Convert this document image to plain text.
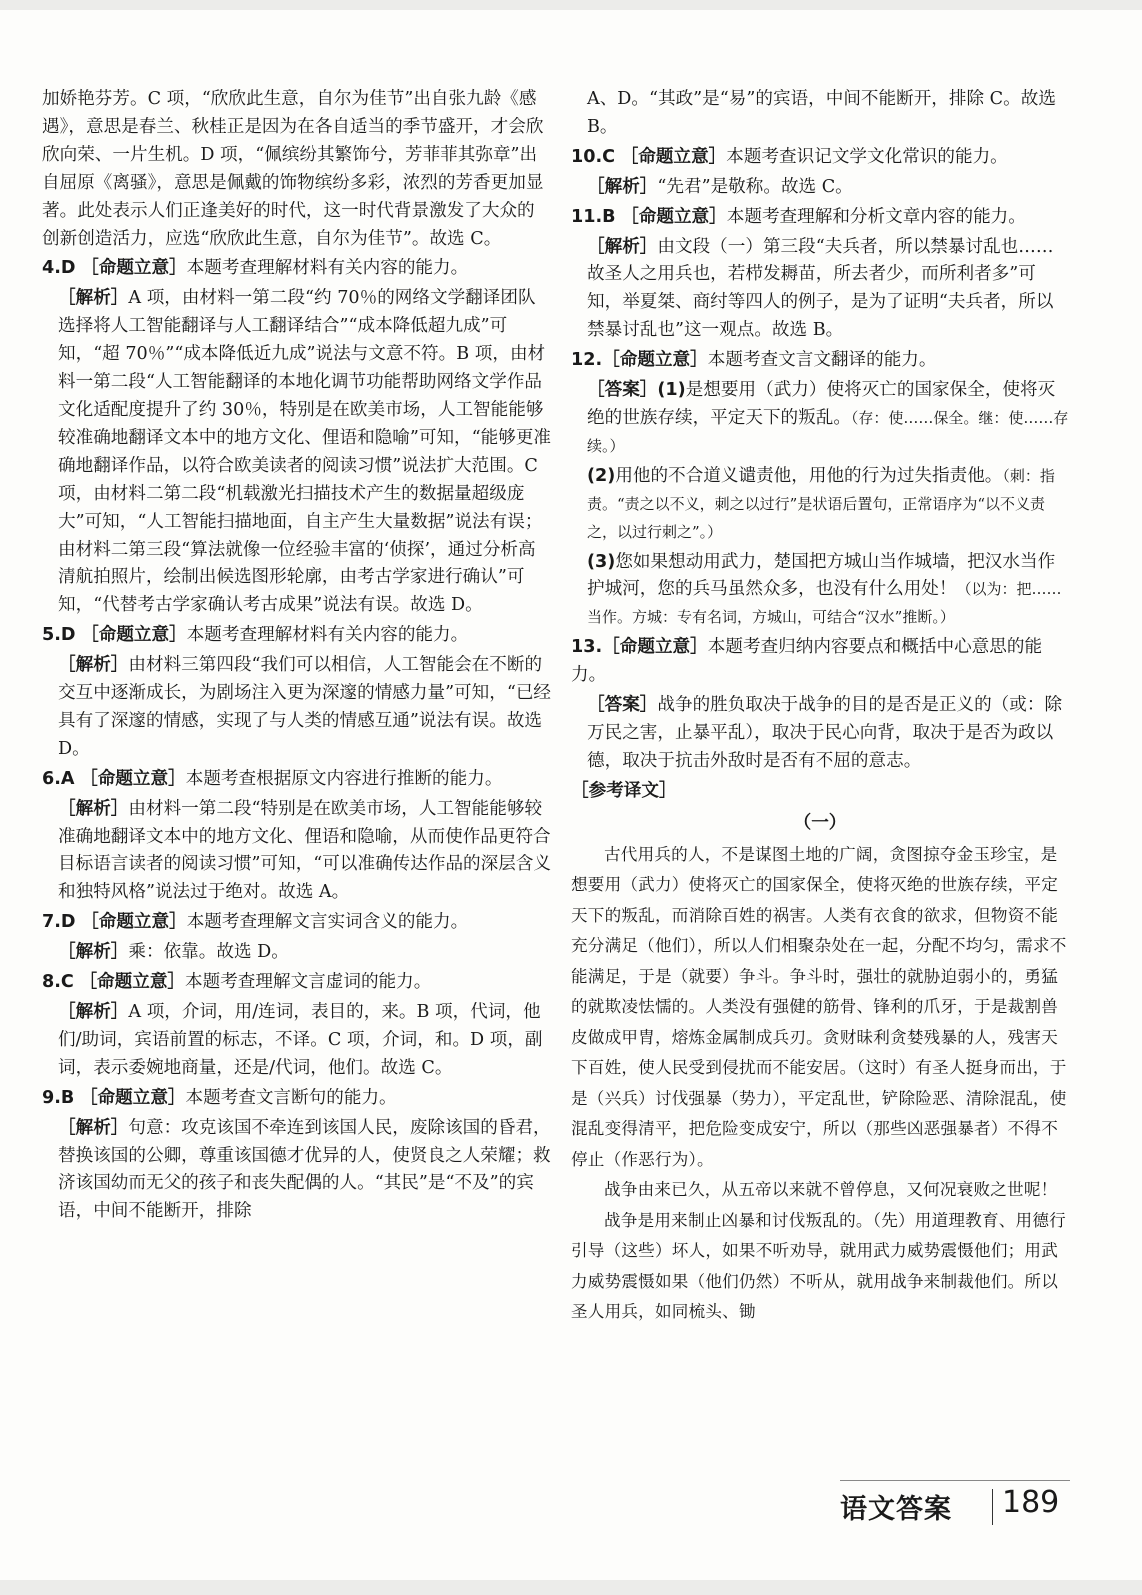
加娇艳芬芳。C 项，“欣欣此生意，自尔为佳节”出自张九龄《感遇》，意思是春兰、秋桂正是因为在各自适当的季节盛开，才会欣欣向荣、一片生机。D 项，“佩缤纷其繁饰兮，芳菲菲其弥章”出自屈原《离骚》，意思是佩戴的饰物缤纷多彩，浓烈的芳香更加显著。此处表示人们正逢美好的时代，这一时代背景激发了大众的创新创造活力，应选“欣欣此生意，自尔为佳节”。故选 C。

4.D ［命题立意］本题考查理解材料有关内容的能力。

［解析］A 项，由材料一第二段“约 70％的网络文学翻译团队选择将人工智能翻译与人工翻译结合”“成本降低超九成”可知，“超 70％”“成本降低近九成”说法与文意不符。B 项，由材料一第二段“人工智能翻译的本地化调节功能帮助网络文学作品文化适配度提升了约 30％，特别是在欧美市场，人工智能能够较准确地翻译文本中的地方文化、俚语和隐喻”可知，“能够更准确地翻译作品，以符合欧美读者的阅读习惯”说法扩大范围。C 项，由材料二第二段“机载激光扫描技术产生的数据量超级庞大”可知，“人工智能扫描地面，自主产生大量数据”说法有误；由材料二第三段“算法就像一位经验丰富的‘侦探’，通过分析高清航拍照片，绘制出候选图形轮廓，由考古学家进行确认”可知，“代替考古学家确认考古成果”说法有误。故选 D。

5.D ［命题立意］本题考查理解材料有关内容的能力。

［解析］由材料三第四段“我们可以相信，人工智能会在不断的交互中逐渐成长，为剧场注入更为深邃的情感力量”可知，“已经具有了深邃的情感，实现了与人类的情感互通”说法有误。故选 D。

6.A ［命题立意］本题考查根据原文内容进行推断的能力。

［解析］由材料一第二段“特别是在欧美市场，人工智能能够较准确地翻译文本中的地方文化、俚语和隐喻，从而使作品更符合目标语言读者的阅读习惯”可知，“可以准确传达作品的深层含义和独特风格”说法过于绝对。故选 A。

7.D ［命题立意］本题考查理解文言实词含义的能力。

［解析］乘：依靠。故选 D。

8.C ［命题立意］本题考查理解文言虚词的能力。

［解析］A 项，介词，用/连词，表目的，来。B 项，代词，他们/助词，宾语前置的标志，不译。C 项，介词，和。D 项，副词，表示委婉地商量，还是/代词，他们。故选 C。

9.B ［命题立意］本题考查文言断句的能力。

［解析］句意：攻克该国不牵连到该国人民，废除该国的昏君，替换该国的公卿，尊重该国德才优异的人，使贤良之人荣耀；救济该国幼而无父的孩子和丧失配偶的人。“其民”是“不及”的宾语，中间不能断开，排除

A、D。“其政”是“易”的宾语，中间不能断开，排除 C。故选 B。

10.C ［命题立意］本题考查识记文学文化常识的能力。

［解析］“先君”是敬称。故选 C。

11.B ［命题立意］本题考查理解和分析文章内容的能力。

［解析］由文段（一）第三段“夫兵者，所以禁暴讨乱也……故圣人之用兵也，若栉发耨苗，所去者少，而所利者多”可知，举夏桀、商纣等四人的例子，是为了证明“夫兵者，所以禁暴讨乱也”这一观点。故选 B。

12.［命题立意］本题考查文言文翻译的能力。

［答案］(1)是想要用（武力）使将灭亡的国家保全，使将灭绝的世族存续，平定天下的叛乱。（存：使……保全。继：使……存续。）

(2)用他的不合道义谴责他，用他的行为过失指责他。（刺：指责。“责之以不义，刺之以过行”是状语后置句，正常语序为“以不义责之，以过行刺之”。）

(3)您如果想动用武力，楚国把方城山当作城墙，把汉水当作护城河，您的兵马虽然众多，也没有什么用处！（以为：把……当作。方城：专有名词，方城山，可结合“汉水”推断。）

13.［命题立意］本题考查归纳内容要点和概括中心意思的能力。

［答案］战争的胜负取决于战争的目的是否是正义的（或：除万民之害，止暴平乱），取决于民心向背，取决于是否为政以德，取决于抗击外敌时是否有不屈的意志。

［参考译文］

（一）

古代用兵的人，不是谋图土地的广阔，贪图掠夺金玉珍宝，是想要用（武力）使将灭亡的国家保全，使将灭绝的世族存续，平定天下的叛乱，而消除百姓的祸害。人类有衣食的欲求，但物资不能充分满足（他们），所以人们相聚杂处在一起，分配不均匀，需求不能满足，于是（就要）争斗。争斗时，强壮的就胁迫弱小的，勇猛的就欺凌怯懦的。人类没有强健的筋骨、锋利的爪牙，于是裁割兽皮做成甲胄，熔炼金属制成兵刃。贪财昧利贪婪残暴的人，残害天下百姓，使人民受到侵扰而不能安居。（这时）有圣人挺身而出，于是（兴兵）讨伐强暴（势力），平定乱世，铲除险恶、清除混乱，使混乱变得清平，把危险变成安宁，所以（那些凶恶强暴者）不得不停止（作恶行为）。

战争由来已久，从五帝以来就不曾停息，又何况衰败之世呢！

战争是用来制止凶暴和讨伐叛乱的。（先）用道理教育、用德行引导（这些）坏人，如果不听劝导，就用武力威势震慑他们；用武力威势震慑如果（他们仍然）不听从，就用战争来制裁他们。所以圣人用兵，如同梳头、锄

语文答案 189
